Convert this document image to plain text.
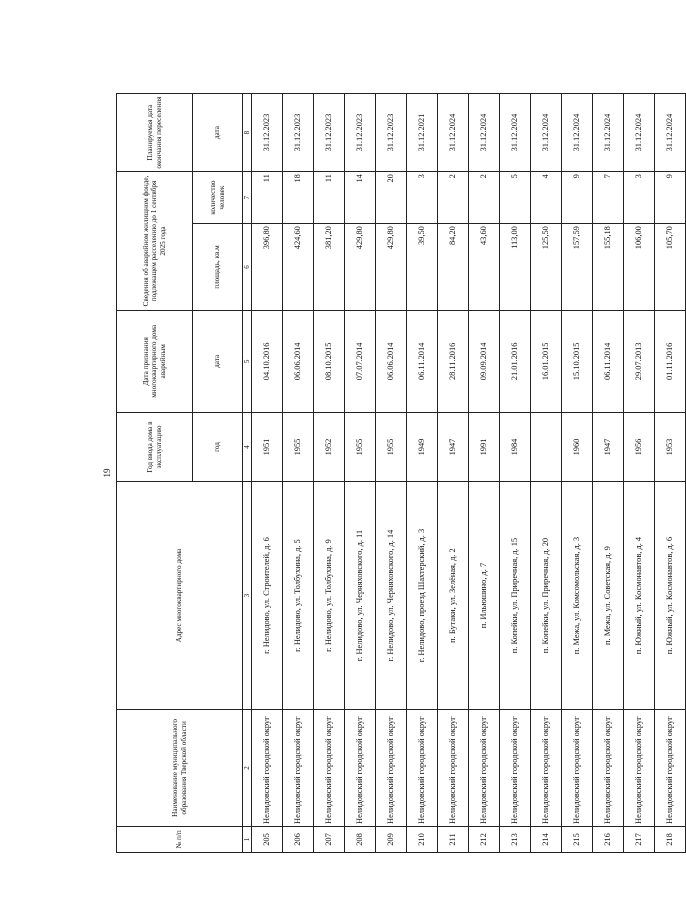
19
№ п/п	Наименование муниципального образования Тверской области	Адрес многоквартирного дома	Год ввода дома в эксплуатацию	Дата признания многоквартирного дома аварийным	Сведения об аварийном жилищном фонде, подлежащем расселению до 1 сентября 2025 года		Планируемая дата окончания переселения
			год	дата	площадь, кв.м	количество человек	дата
1	2	3	4	5	6	7	8
205	Нелидовский городской округ	г. Нелидово, ул. Строителей, д. 6	1951	04.10.2016	396,80	11	31.12.2023
206	Нелидовский городской округ	г. Нелидово, ул. Толбухина, д. 5	1955	06.06.2014	424,60	18	31.12.2023
207	Нелидовский городской округ	г. Нелидово, ул. Толбухина, д. 9	1952	08.10.2015	381,20	11	31.12.2023
208	Нелидовский городской округ	г. Нелидово, ул. Черняховского, д. 11	1955	07.07.2014	429,80	14	31.12.2023
209	Нелидовский городской округ	г. Нелидово, ул. Черняховского, д. 14	1955	06.06.2014	429,80	20	31.12.2023
210	Нелидовский городской округ	г. Нелидово, проезд Шахтерский, д. 3	1949	06.11.2014	39,50	3	31.12.2021
211	Нелидовский городской округ	п. Бутаки, ул. Зелёная, д. 2	1947	28.11.2016	84,20	2	31.12.2024
212	Нелидовский городской округ	п. Ильюшино, д. 7	1991	09.09.2014	43,60	2	31.12.2024
213	Нелидовский городской округ	п. Копейки, ул. Приречная, д. 15	1984	21.01.2016	113,00	5	31.12.2024
214	Нелидовский городской округ	п. Копейки, ул. Приречная, д. 20		16.01.2015	125,50	4	31.12.2024
215	Нелидовский городской округ	п. Межа, ул. Комсомольская, д. 3	1960	15.10.2015	157,59	9	31.12.2024
216	Нелидовский городской округ	п. Межа, ул. Советская, д. 9	1947	06.11.2014	155,18	7	31.12.2024
217	Нелидовский городской округ	п. Южный, ул. Космонавтов, д. 4	1956	29.07.2013	106,00	3	31.12.2024
218	Нелидовский городской округ	п. Южный, ул. Космонавтов, д. 6	1953	01.11.2016	105,70	9	31.12.2024
